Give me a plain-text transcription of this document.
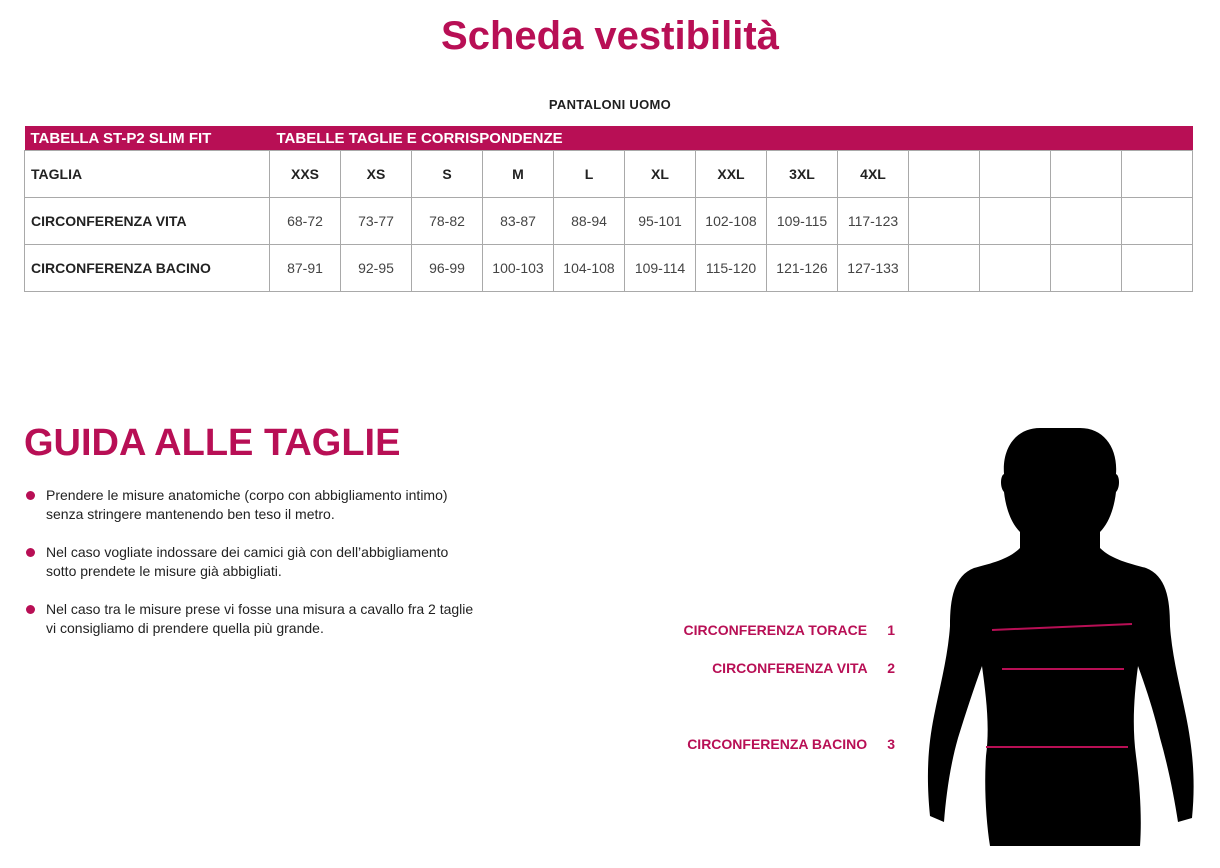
Scheda vestibilità
PANTALONI UOMO
TABELLA ST-P2 SLIM FIT	TABELLE TAGLIE E CORRISPONDENZE												
TAGLIA	XXS	XS	S	M	L	XL	XXL	3XL	4XL				
CIRCONFERENZA VITA	68-72	73-77	78-82	83-87	88-94	95-101	102-108	109-115	117-123				
CIRCONFERENZA BACINO	87-91	92-95	96-99	100-103	104-108	109-114	115-120	121-126	127-133				
GUIDA ALLE TAGLIE
Prendere le misure anatomiche (corpo con abbigliamento intimo)
senza stringere mantenendo ben teso il metro.
Nel caso vogliate indossare dei camici già con dell’abbigliamento
sotto prendete le misure già abbigliati.
Nel caso tra le misure prese vi fosse una misura a cavallo fra 2 taglie
vi consigliamo di prendere quella più grande.	CIRCONFERENZA TORACE 1
CIRCONFERENZA VITA 2
CIRCONFERENZA BACINO 3
